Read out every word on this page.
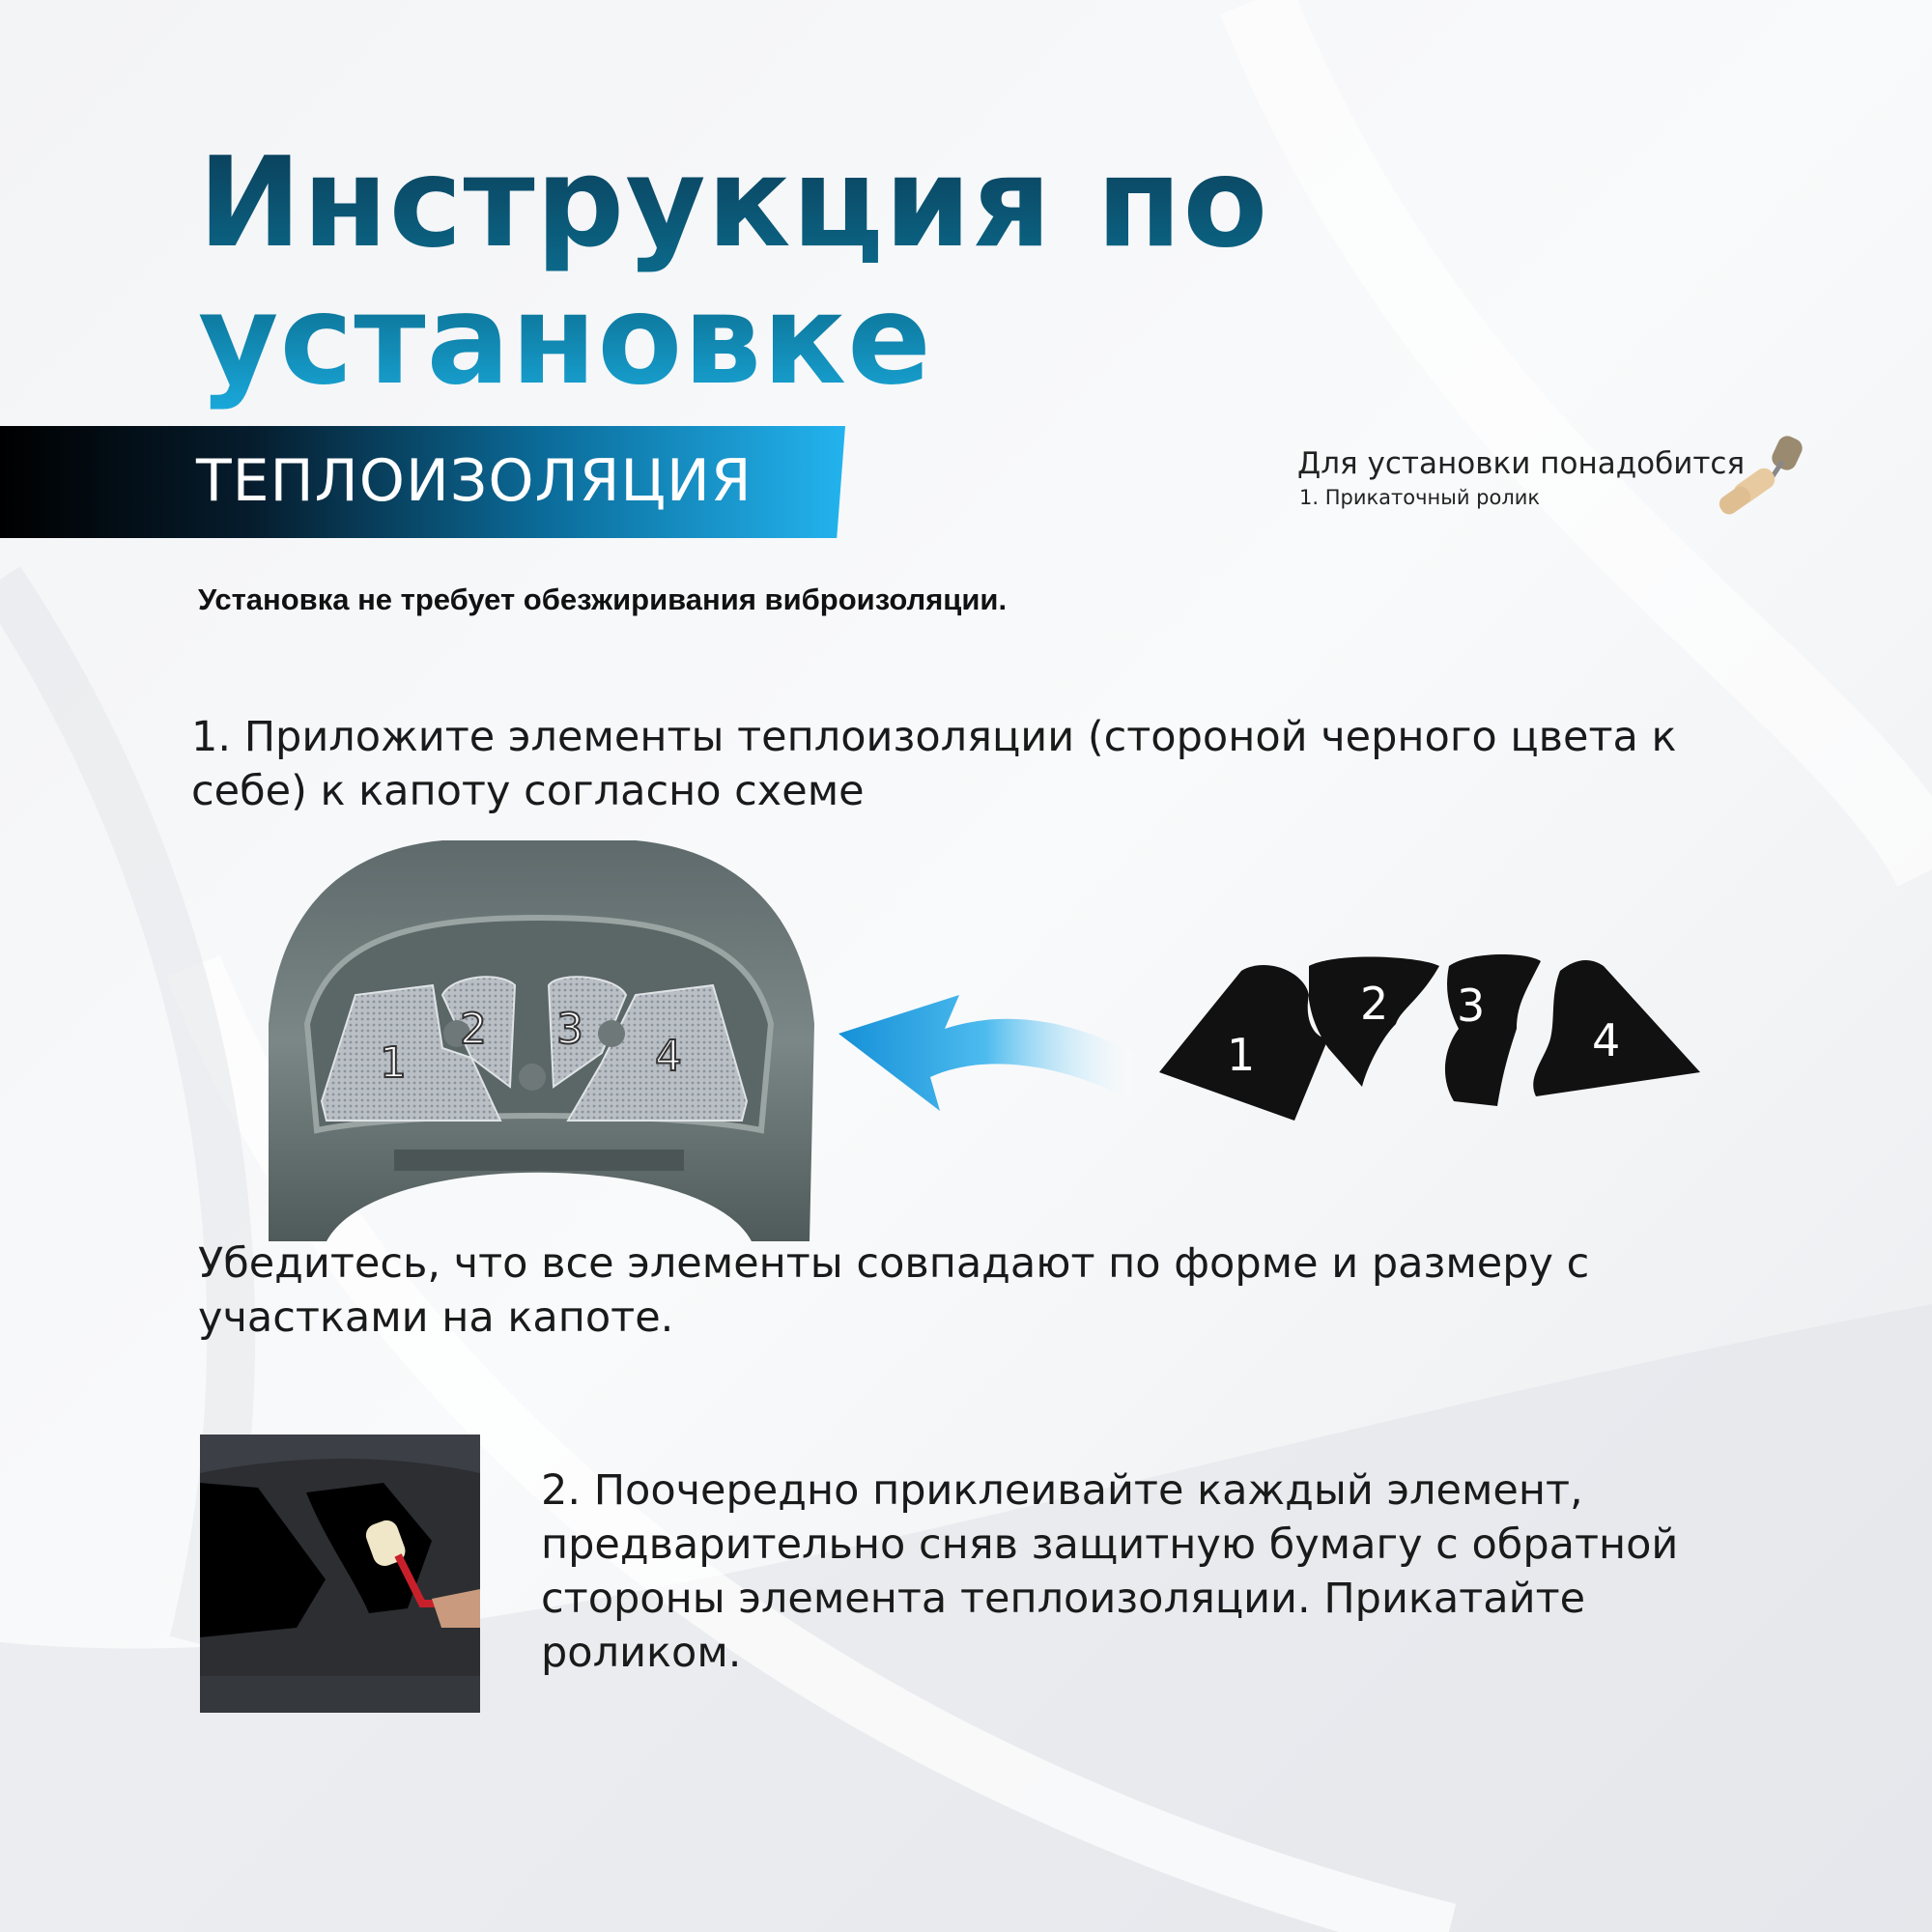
Инструкция по
установке
ТЕПЛОИЗОЛЯЦИЯ	Для установки понадобится
1. Прикаточный ролик
Установка не требует обезжиривания виброизоляции.
1. Приложите элементы теплоизоляции (стороной черного цвета к себе) к капоту согласно схеме
1
2 3
4	1
2 3
4
Убедитесь, что все элементы совпадают по форме и размеру с участками на капоте.
2. Поочередно приклеивайте каждый элемент, предварительно сняв защитную бумагу с обратной стороны элемента теплоизоляции. Прикатайте роликом.
